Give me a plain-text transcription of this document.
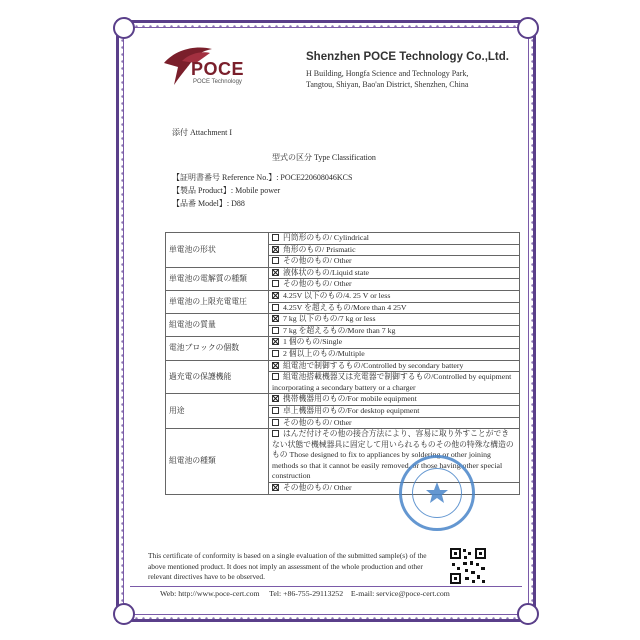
POCE
POCE Technology
Shenzhen POCE Technology Co.,Ltd.
H Building, Hongfa Science and Technology Park,
Tangtou, Shiyan, Bao'an District, Shenzhen, China
添付 Attachment I
型式の区分 Type Classification
【証明書番号 Reference No.】: POCE220608046KCS
【製品 Product】: Mobile power
【品番 Model】: D88
単電池の形状	円筒形のもの/ Cylindrical
	角形のもの/ Prismatic
	その他のもの/ Other
単電池の電解質の種類	液体状のもの/Liquid state
	その他のもの/ Other
単電池の上限充電電圧	4.25V 以下のもの/4. 25 V or less
	4.25V を超えるもの/More than 4 25V
組電池の質量	7 kg 以下のもの/7 kg or less
	7 kg を超えるもの/More than 7 kg
電池ブロックの個数	1 個のもの/Single
	2 個以上のもの/Multiple
過充電の保護機能	組電池で制御するもの/Controlled by secondary battery
	組電池搭載機器又は充電器で制御するもの/Controlled by equipment incorporating a secondary battery or a charger
用途	携帯機器用のもの/For mobile equipment
	卓上機器用のもの/For desktop equipment
	その他のもの/ Other
組電池の種類	はんだ付けその他の接合方法により、容易に取り外すことができない状態で機械器具に固定して用いられるものその他の特殊な構造のもの Those designed to fix to appliances by soldering or other joining methods so that it cannot be easily removed, or those having other special construction
	その他のもの/ Other
This certificate of conformity is based on a single evaluation of the submitted sample(s) of the above mentioned product. It does not imply an assessment of the whole production and other relevant directives have to be observed.
Web: http://www.poce-cert.com Tel: +86-755-29113252 E-mail: service@poce-cert.com
